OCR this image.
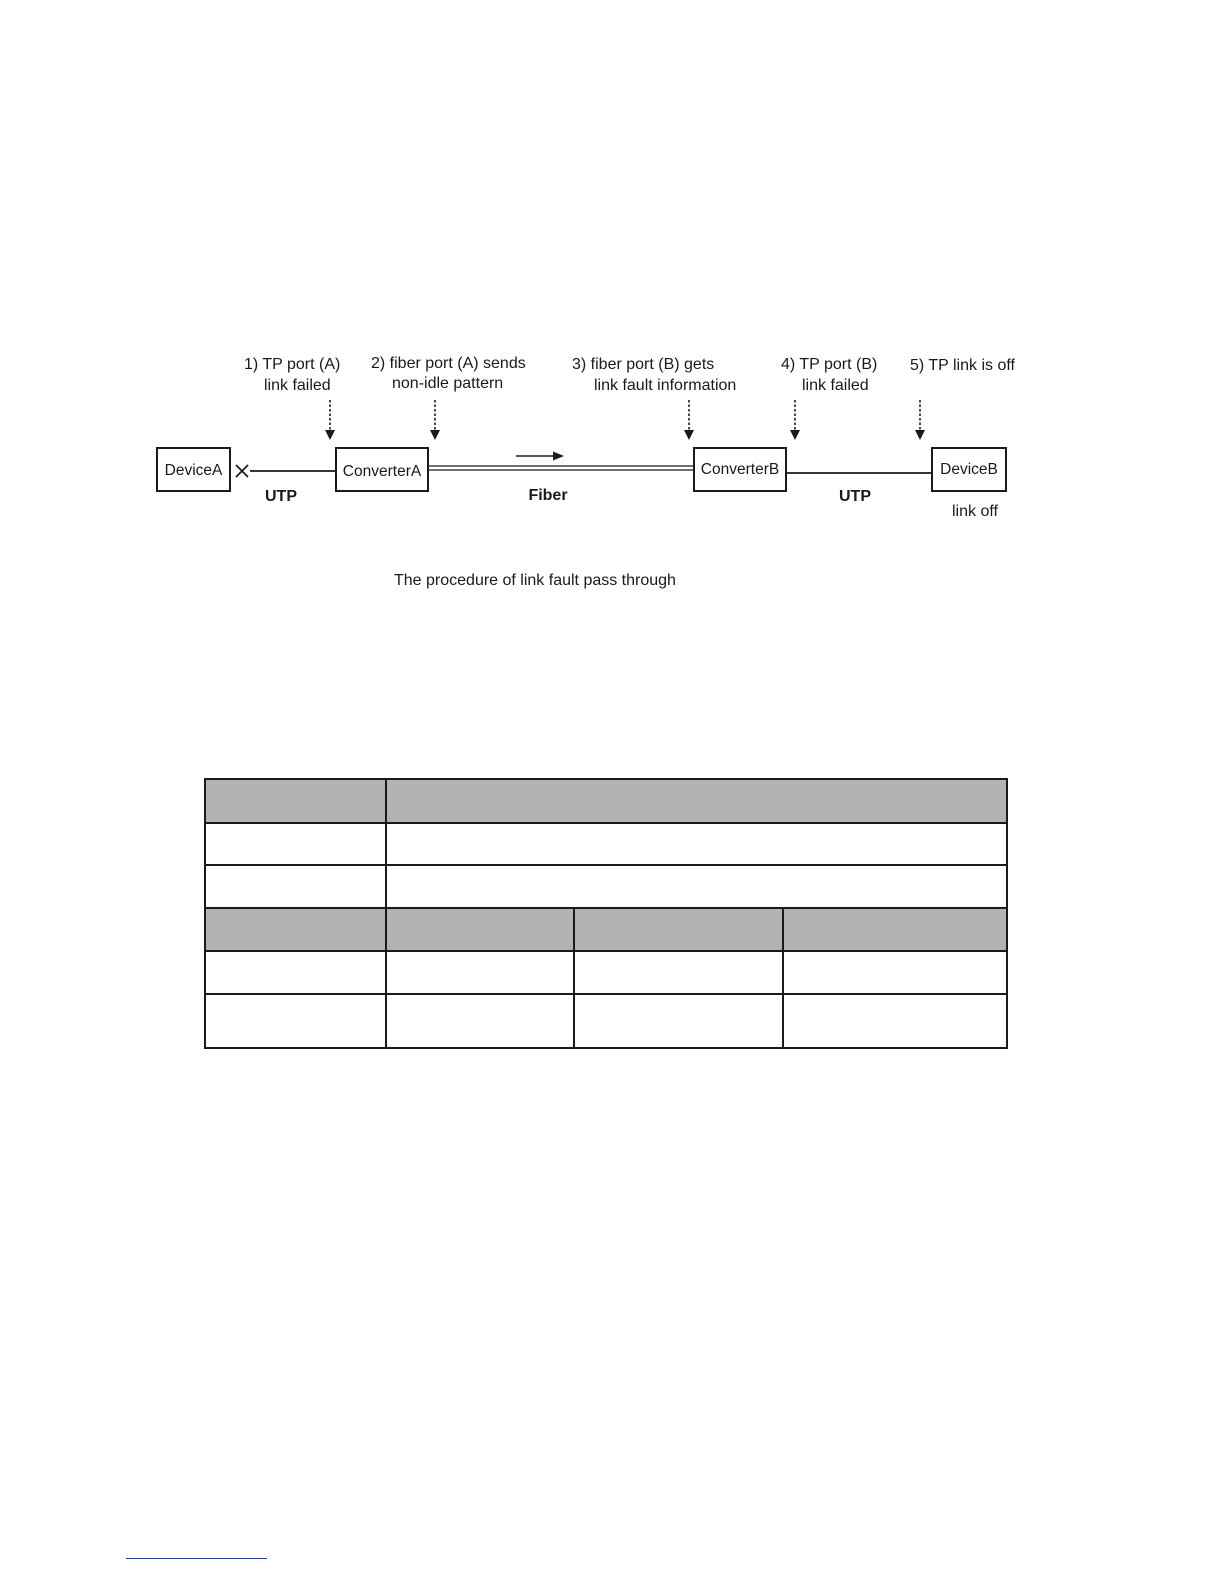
1) TP port (A)
link failed
2) fiber port (A) sends
non-idle pattern
3) fiber port (B) gets
link fault information
4) TP port (B)
link failed
5) TP link is off
DeviceA	ConverterA	ConverterB	DeviceB
UTP	Fiber	UTP
link off
The procedure of link fault pass through
